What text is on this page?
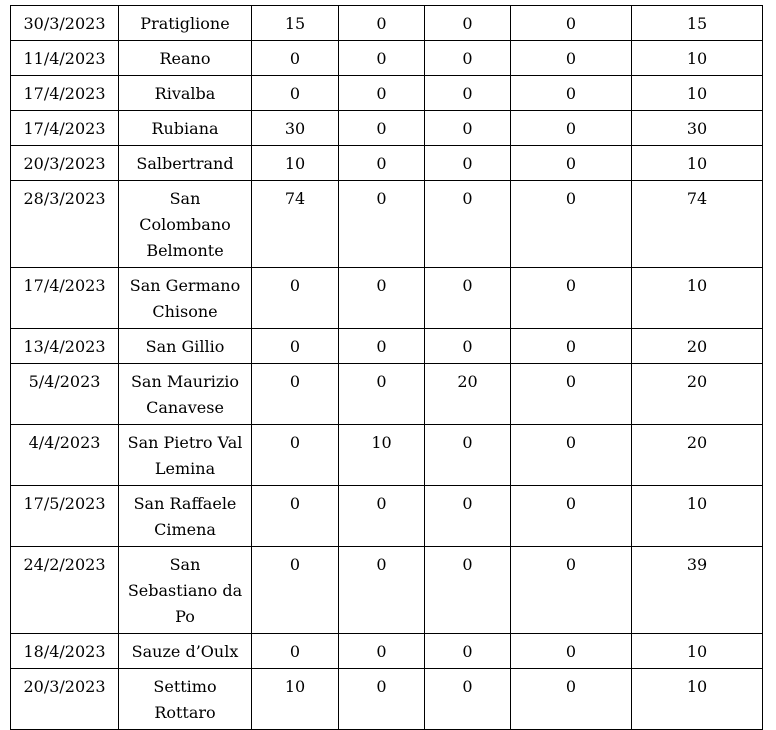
30/3/2023	Pratiglione	15	0	0	0	15
11/4/2023	Reano	0	0	0	0	10
17/4/2023	Rivalba	0	0	0	0	10
17/4/2023	Rubiana	30	0	0	0	30
20/3/2023	Salbertrand	10	0	0	0	10
28/3/2023	San Colombano Belmonte	74	0	0	0	74
17/4/2023	San Germano Chisone	0	0	0	0	10
13/4/2023	San Gillio	0	0	0	0	20
5/4/2023	San Maurizio Canavese	0	0	20	0	20
4/4/2023	San Pietro Val Lemina	0	10	0	0	20
17/5/2023	San Raffaele Cimena	0	0	0	0	10
24/2/2023	San Sebastiano da Po	0	0	0	0	39
18/4/2023	Sauze d’Oulx	0	0	0	0	10
20/3/2023	Settimo Rottaro	10	0	0	0	10
